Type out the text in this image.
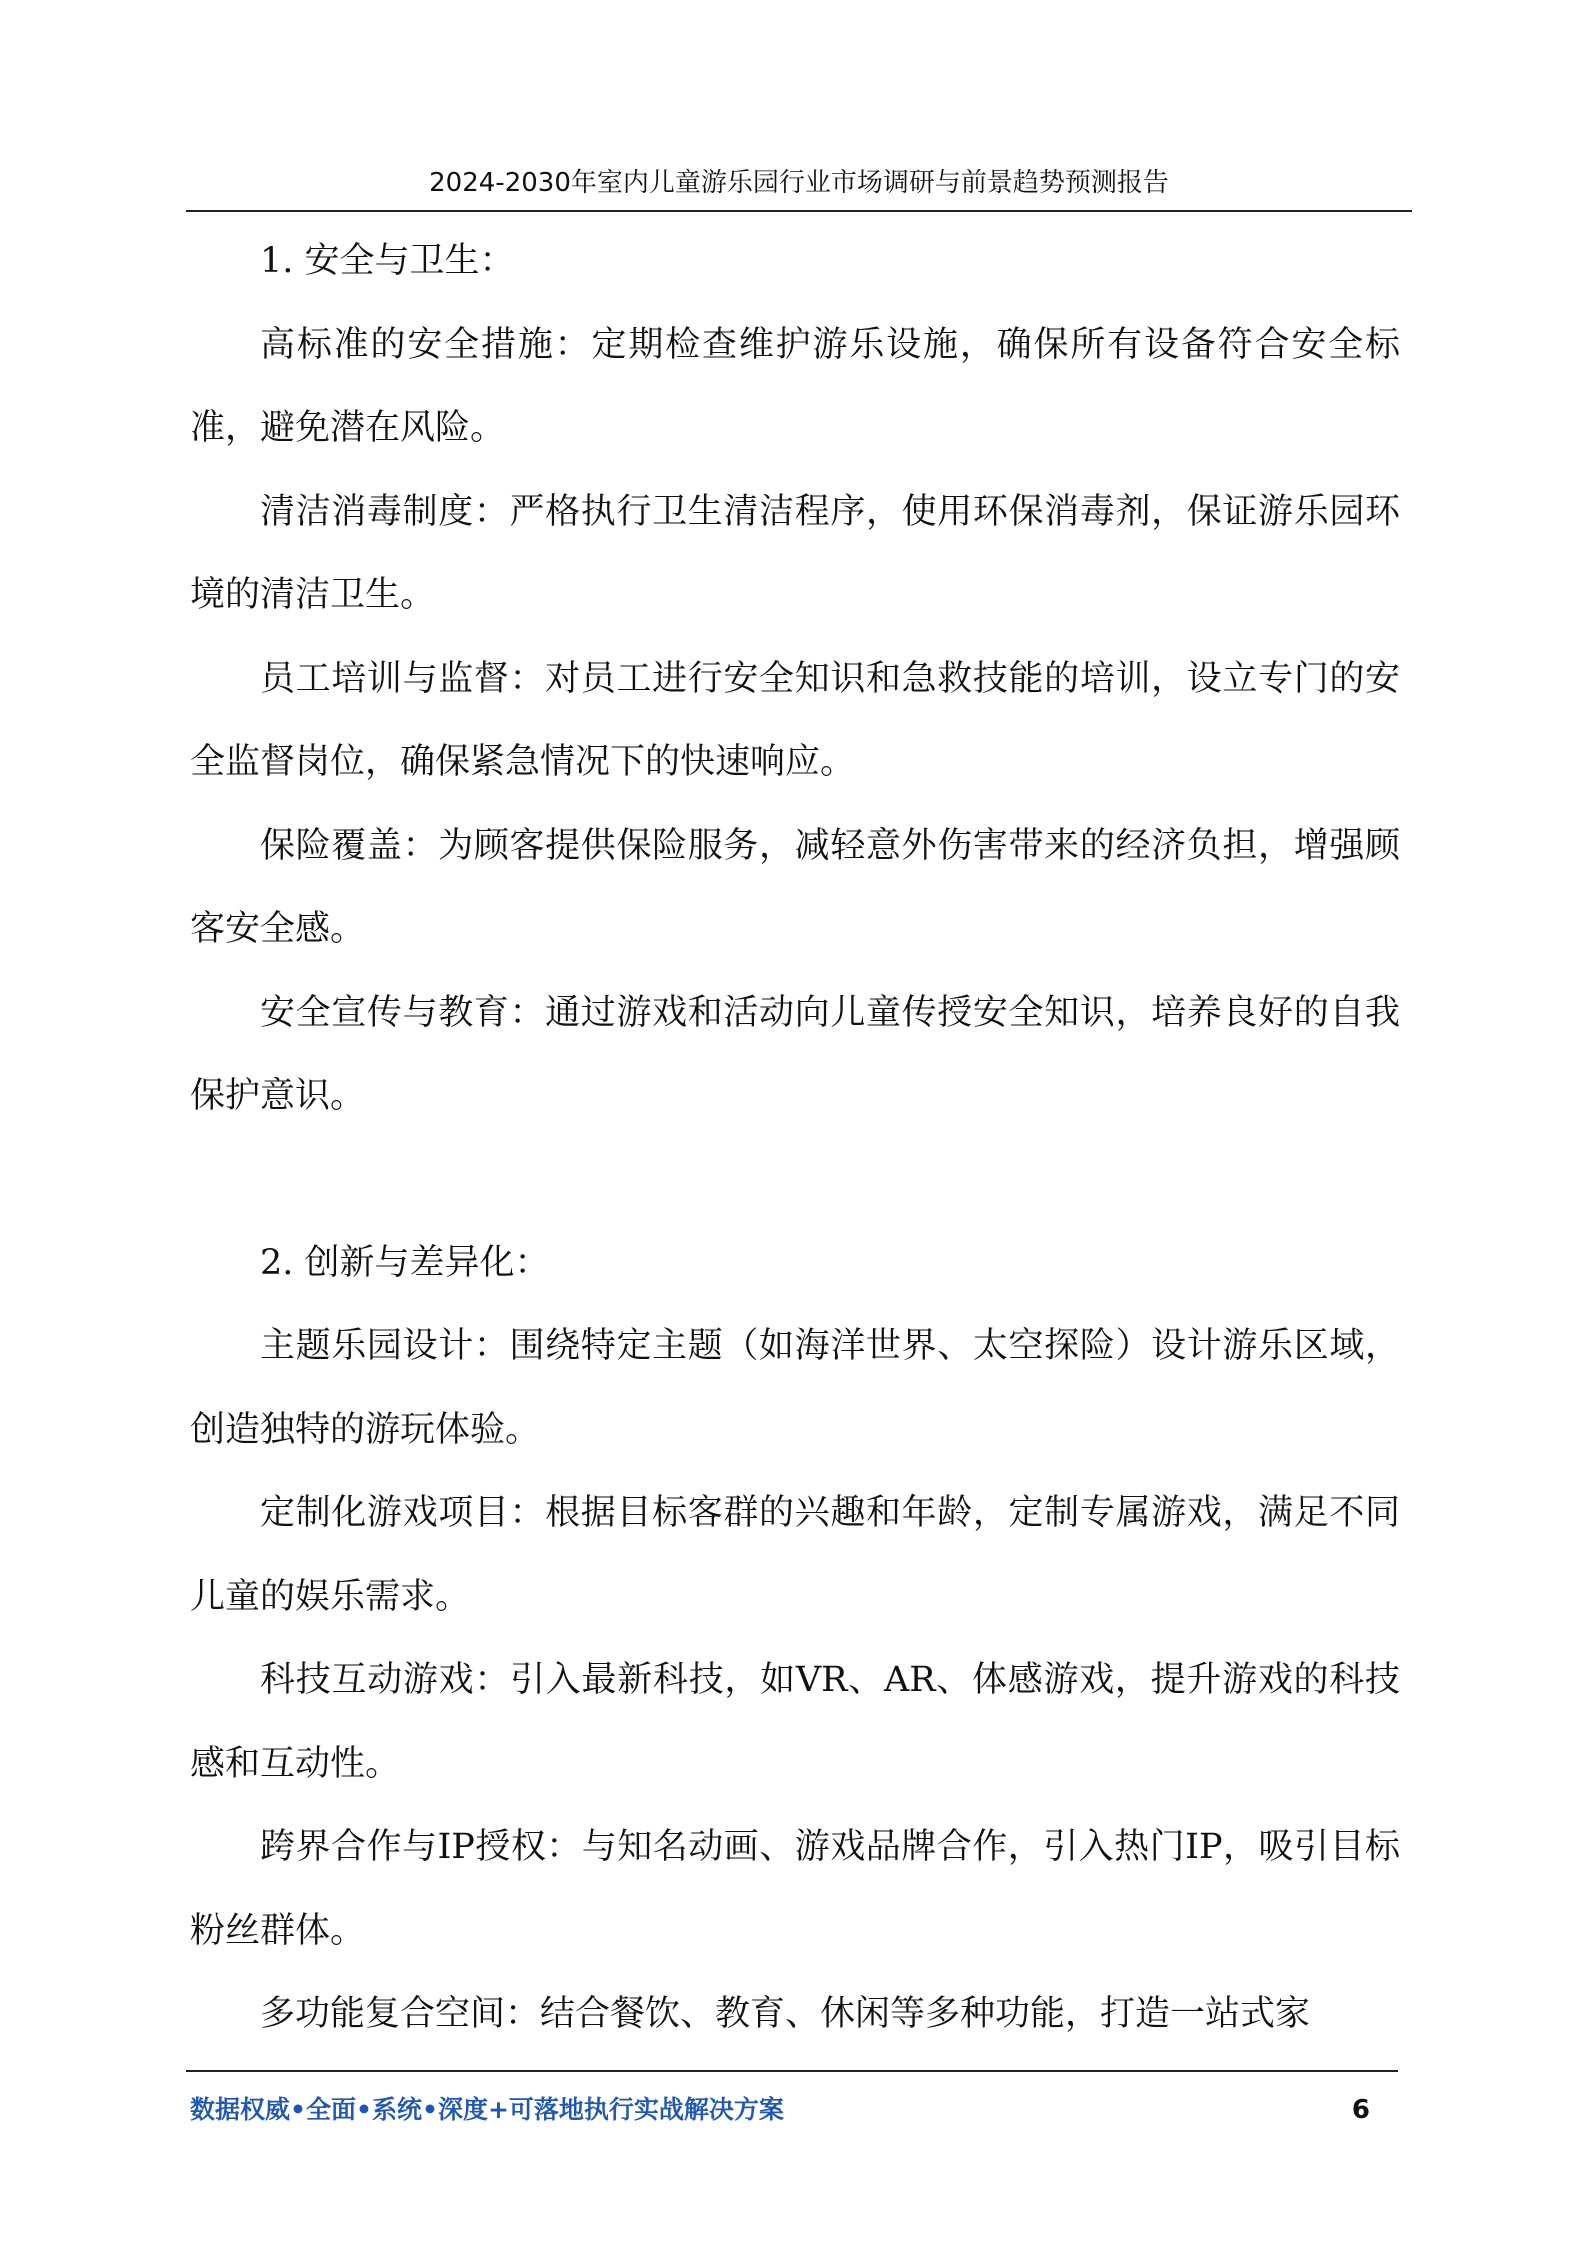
2024-2030年室内儿童游乐园行业市场调研与前景趋势预测报告

1. 安全与卫生：

高标准的安全措施：定期检查维护游乐设施，确保所有设备符合安全标准，避免潜在风险。

清洁消毒制度：严格执行卫生清洁程序，使用环保消毒剂，保证游乐园环境的清洁卫生。

员工培训与监督：对员工进行安全知识和急救技能的培训，设立专门的安全监督岗位，确保紧急情况下的快速响应。

保险覆盖：为顾客提供保险服务，减轻意外伤害带来的经济负担，增强顾客安全感。

安全宣传与教育：通过游戏和活动向儿童传授安全知识，培养良好的自我保护意识。

2. 创新与差异化：

主题乐园设计：围绕特定主题（如海洋世界、太空探险）设计游乐区域，创造独特的游玩体验。

定制化游戏项目：根据目标客群的兴趣和年龄，定制专属游戏，满足不同儿童的娱乐需求。

科技互动游戏：引入最新科技，如VR、AR、体感游戏，提升游戏的科技感和互动性。

跨界合作与IP授权：与知名动画、游戏品牌合作，引入热门IP，吸引目标粉丝群体。

多功能复合空间：结合餐饮、教育、休闲等多种功能，打造一站式家

数据权威•全面•系统•深度+可落地执行实战解决方案	6
